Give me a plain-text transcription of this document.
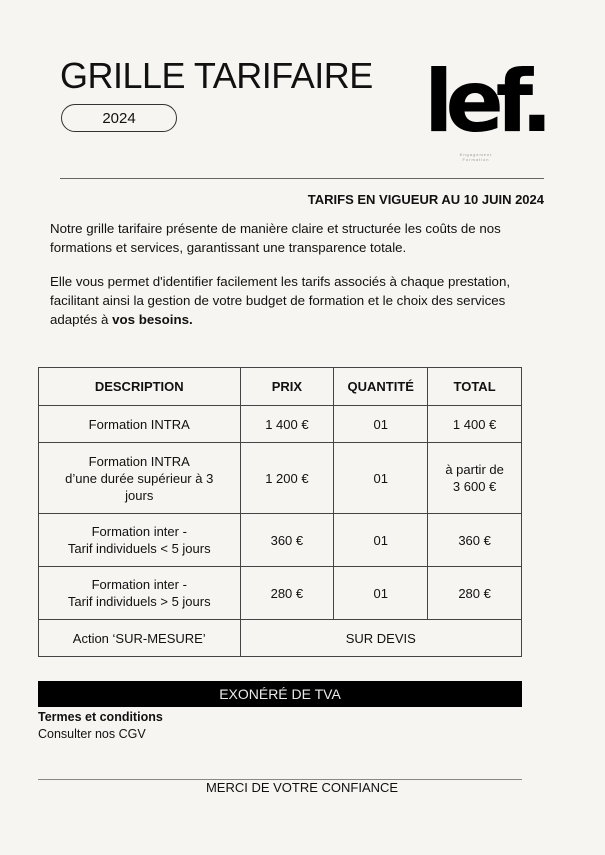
GRILLE TARIFAIRE
2024	lef.
Engagement
Formation
TARIFS EN VIGUEUR AU 10 JUIN 2024

Notre grille tarifaire présente de manière claire et structurée les coûts de nos formations et services, garantissant une transparence totale.

Elle vous permet d'identifier facilement les tarifs associés à chaque prestation, facilitant ainsi la gestion de votre budget de formation et le choix des services adaptés à vos besoins.

DESCRIPTION	PRIX	QUANTITÉ	TOTAL

Formation INTRA	1 400 €	01	1 400 €

Formation INTRA
d’une durée supérieur à 3
jours	1 200 €	01	à partir de
3 600 €

Formation inter -
Tarif individuels < 5 jours	360 €	01	360 €

Formation inter -
Tarif individuels > 5 jours	280 €	01	280 €

Action ‘SUR-MESURE’	SUR DEVIS		
EXONÉRÉ DE TVA
Termes et conditions
Consulter nos CGV
MERCI DE VOTRE CONFIANCE
